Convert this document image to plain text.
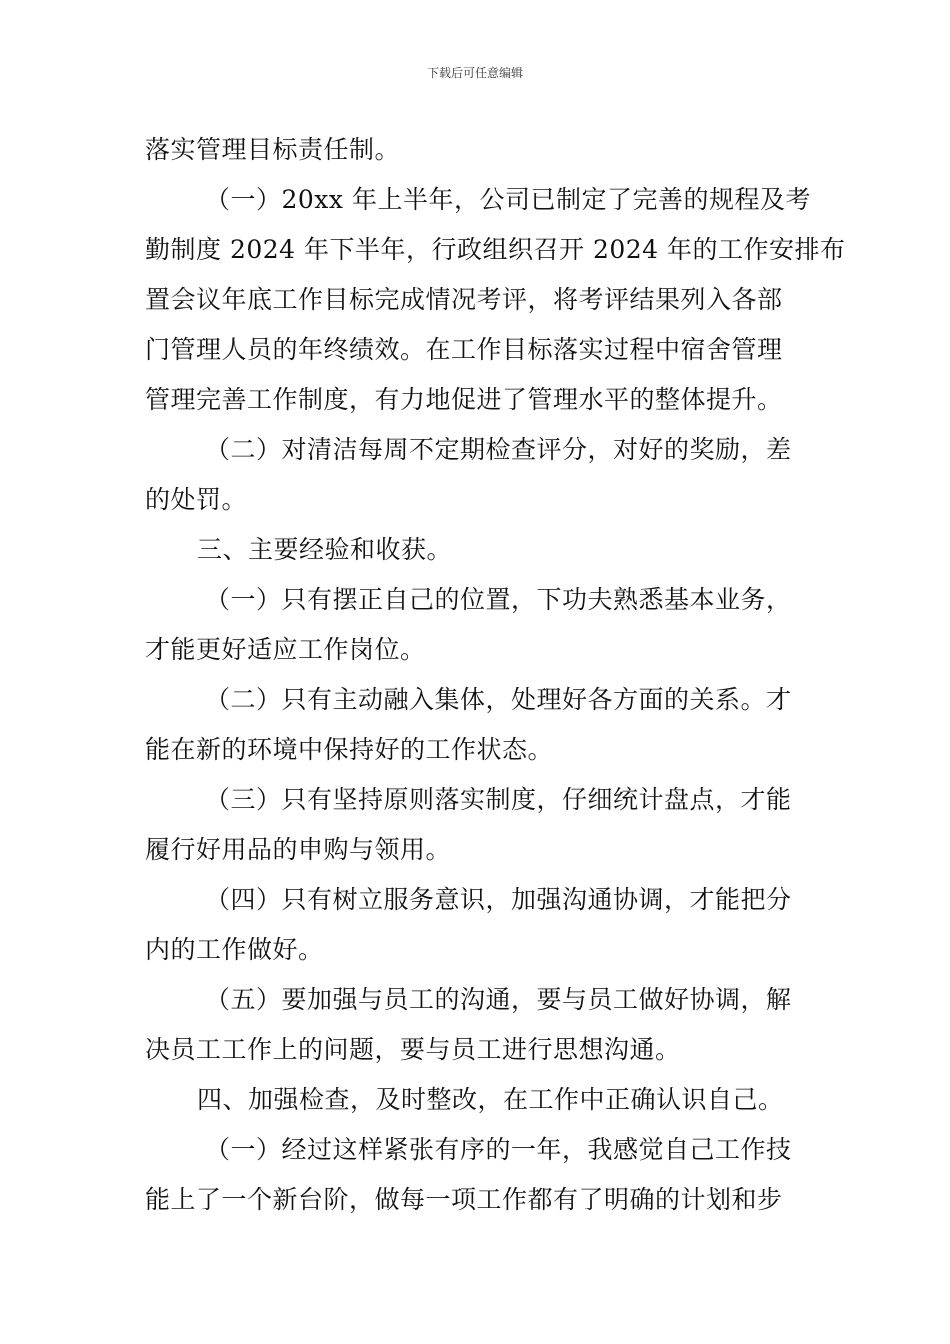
下载后可任意编辑
落实管理目标责任制。
（一）20xx 年上半年，公司已制定了完善的规程及考
勤制度 2024 年下半年，行政组织召开 2024 年的工作安排布
置会议年底工作目标完成情况考评，将考评结果列入各部
门管理人员的年终绩效。在工作目标落实过程中宿舍管理
管理完善工作制度，有力地促进了管理水平的整体提升。
（二）对清洁每周不定期检查评分，对好的奖励，差
的处罚。
三、主要经验和收获。
（一）只有摆正自己的位置，下功夫熟悉基本业务，
才能更好适应工作岗位。
（二）只有主动融入集体，处理好各方面的关系。才
能在新的环境中保持好的工作状态。
（三）只有坚持原则落实制度，仔细统计盘点，才能
履行好用品的申购与领用。
（四）只有树立服务意识，加强沟通协调，才能把分
内的工作做好。
（五）要加强与员工的沟通，要与员工做好协调，解
决员工工作上的问题，要与员工进行思想沟通。
四、加强检查，及时整改，在工作中正确认识自己。
（一）经过这样紧张有序的一年，我感觉自己工作技
能上了一个新台阶，做每一项工作都有了明确的计划和步
